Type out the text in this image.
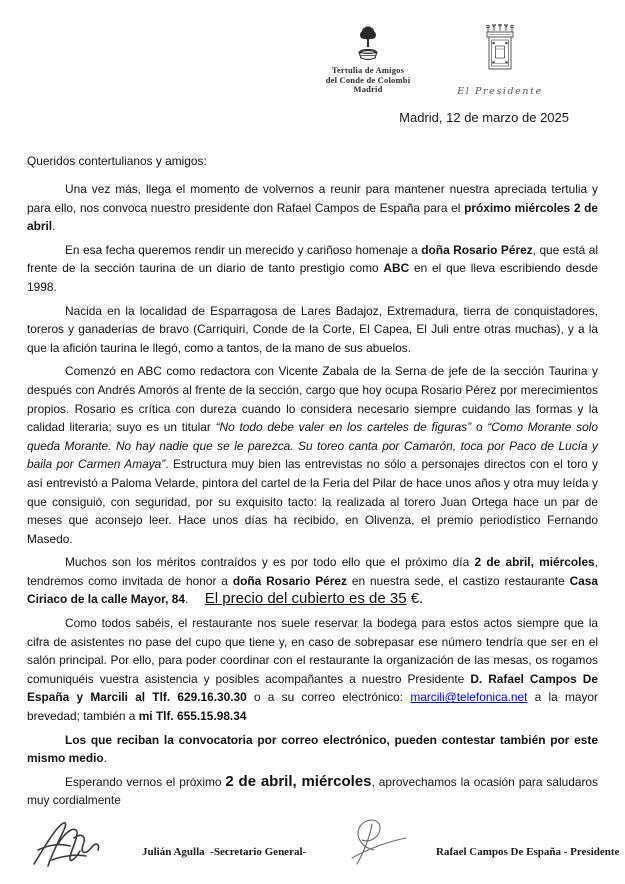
Tertulia de Amigos
del Conde de Colombí
Madrid	El Presidente
Madrid, 12 de marzo de 2025

Queridos contertulianos y amigos:

Una vez más, llega el momento de volvernos a reunir para mantener nuestra apreciada tertulia y para ello, nos convoca nuestro presidente don Rafael Campos de España para el próximo miércoles 2 de abril.

En esa fecha queremos rendir un merecido y cariñoso homenaje a doña Rosario Pérez, que está al frente de la sección taurina de un diario de tanto prestigio como ABC en el que lleva escribiendo desde 1998.

Nacida en la localidad de Esparragosa de Lares Badajoz, Extremadura, tierra de conquistadores, toreros y ganaderías de bravo (Carriquiri, Conde de la Corte, El Capea, El Juli entre otras muchas), y a la que la afición taurina le llegó, como a tantos, de la mano de sus abuelos.

Comenzó en ABC como redactora con Vicente Zabala de la Serna de jefe de la sección Taurina y después con Andrés Amorós al frente de la sección, cargo que hoy ocupa Rosario Pérez por merecimientos propios. Rosario es crítica con dureza cuando lo considera necesario siempre cuidando las formas y la calidad literaria; suyo es un titular “No todo debe valer en los carteles de figuras” o “Como Morante solo queda Morante. No hay nadie que se le parezca. Su toreo canta por Camarón, toca por Paco de Lucía y baila por Carmen Amaya”. Estructura muy bien las entrevistas no sólo a personajes directos con el toro y así entrevistó a Paloma Velarde, pintora del cartel de la Feria del Pilar de hace unos años y otra muy leída y que consiguió, con seguridad, por su exquisito tacto: la realizada al torero Juan Ortega hace un par de meses que aconsejo leer. Hace unos días ha recibido, en Olivenza, el premio periodístico Fernando Masedo.

Muchos son los méritos contraídos y es por todo ello que el próximo día 2 de abril, miércoles, tendremos como invitada de honor a doña Rosario Pérez en nuestra sede, el castizo restaurante Casa Ciriaco de la calle Mayor, 84.     El precio del cubierto es de 35 €.

Como todos sabéis, el restaurante nos suele reservar la bodega para estos actos siempre que la cifra de asistentes no pase del cupo que tiene y, en caso de sobrepasar ese número tendría que ser en el salón principal. Por ello, para poder coordinar con el restaurante la organización de las mesas, os rogamos comuniquéis vuestra asistencia y posibles acompañantes a nuestro Presidente D. Rafael Campos De España y Marcili al Tlf. 629.16.30.30 o a su correo electrónico: marcili@telefonica.net a la mayor brevedad; también a mi Tlf. 655.15.98.34

Los que reciban la convocatoria por correo electrónico, pueden contestar también por este mismo medio.

Esperando vernos el próximo 2 de abril, miércoles, aprovechamos la ocasión para saludaros muy cordialmente

Julián Agulla  -Secretario General-	Rafael Campos De España - Presidente
